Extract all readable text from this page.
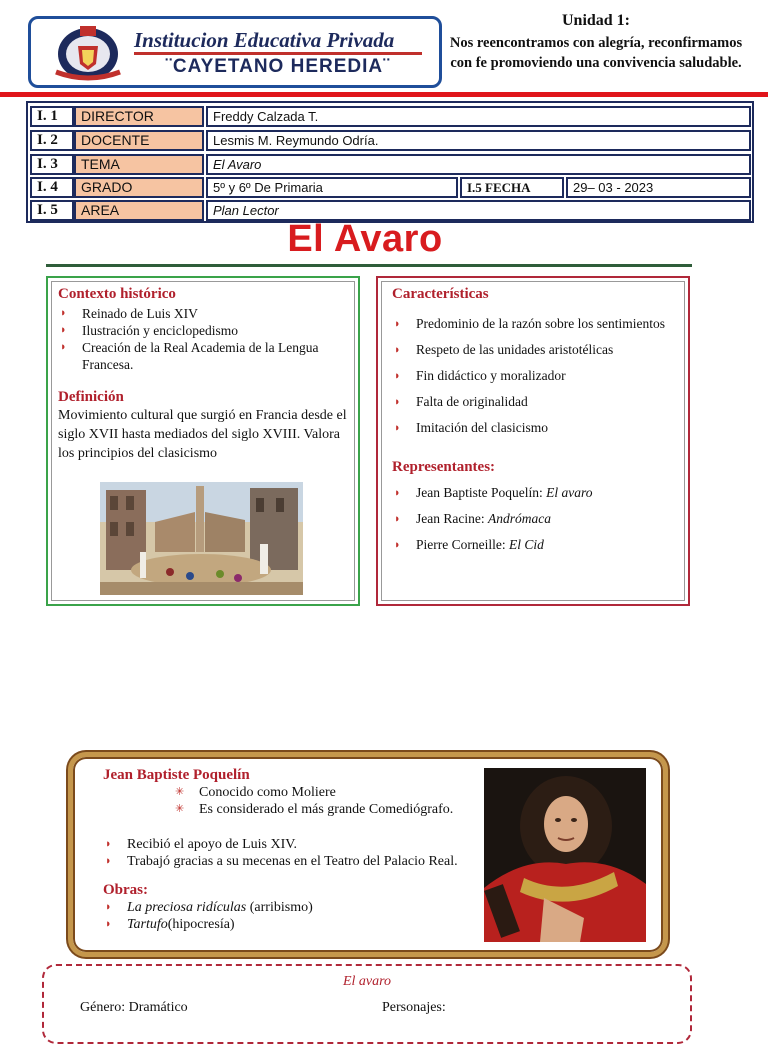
Institucion Educativa Privada
¨CAYETANO HEREDIA¨
Unidad 1:
Nos reencontramos con alegría, reconfirmamos con fe promoviendo una convivencia saludable.
I. 1	DIRECTOR	Freddy Calzada T.
I. 2	DOCENTE	Lesmis M. Reymundo Odría.
I. 3	TEMA	El Avaro
I. 4	GRADO	5º y 6º De Primaria	I.5 FECHA	29– 03 - 2023
I. 5	AREA	Plan Lector
El Avaro
Contexto histórico
◗ Reinado de Luis XIV
◗ Ilustración y enciclopedismo
◗ Creación de la Real Academia de la Lengua Francesa.
Definición
Movimiento cultural que surgió en Francia desde el siglo XVII hasta mediados del siglo XVIII. Valora los principios del clasicismo
Características
◗ Predominio de la razón sobre los sentimientos
◗ Respeto de las unidades aristotélicas
◗ Fin didáctico y moralizador
◗ Falta de originalidad
◗ Imitación del clasicismo
Representantes:
◗ Jean Baptiste Poquelín: El avaro
◗ Jean Racine: Andrómaca
◗ Pierre Corneille: El Cid
Jean Baptiste Poquelín
✳ Conocido como Moliere
✳ Es considerado el más grande Comediógrafo.
◗ Recibió el apoyo de Luis XIV.
◗ Trabajó gracias a su mecenas en el Teatro del Palacio Real.
Obras:
◗ La preciosa ridículas (arribismo)
◗ Tartufo(hipocresía)
El avaro
Género: Dramático	Personajes:
